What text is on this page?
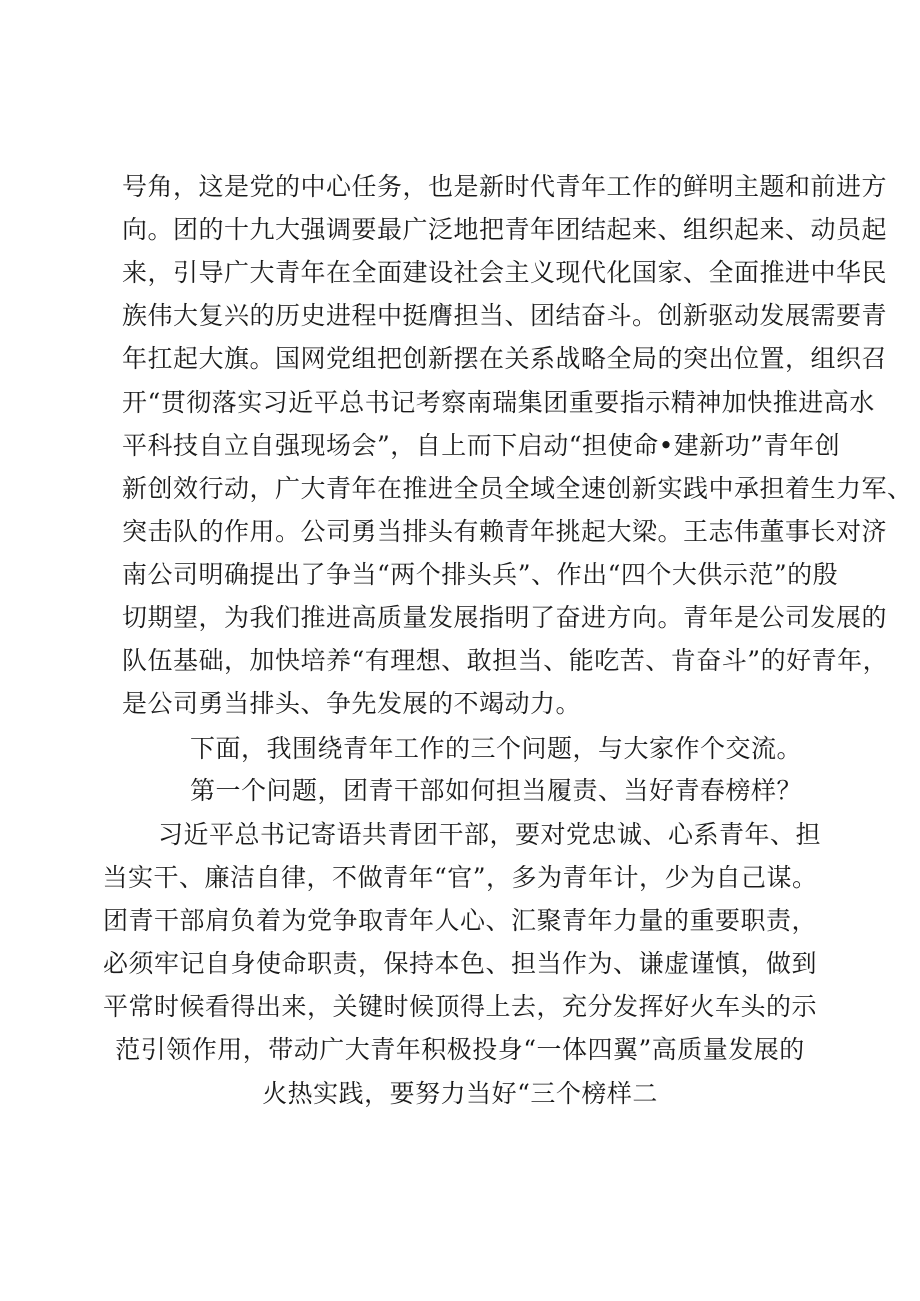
号角，这是党的中心任务，也是新时代青年工作的鲜明主题和前进方
向。团的十九大强调要最广泛地把青年团结起来、组织起来、动员起
来，引导广大青年在全面建设社会主义现代化国家、全面推进中华民
族伟大复兴的历史进程中挺膺担当、团结奋斗。创新驱动发展需要青
年扛起大旗。国网党组把创新摆在关系战略全局的突出位置，组织召
开“贯彻落实习近平总书记考察南瑞集团重要指示精神加快推进高水
平科技自立自强现场会”，自上而下启动“担使命•建新功”青年创
新创效行动，广大青年在推进全员全域全速创新实践中承担着生力军、
突击队的作用。公司勇当排头有赖青年挑起大梁。王志伟董事长对济
南公司明确提出了争当“两个排头兵”、作出“四个大供示范”的殷
切期望，为我们推进高质量发展指明了奋进方向。青年是公司发展的
队伍基础，加快培养“有理想、敢担当、能吃苦、肯奋斗”的好青年，
是公司勇当排头、争先发展的不竭动力。
下面，我围绕青年工作的三个问题，与大家作个交流。
第一个问题，团青干部如何担当履责、当好青春榜样？
习近平总书记寄语共青团干部，要对党忠诚、心系青年、担
当实干、廉洁自律，不做青年“官”，多为青年计，少为自己谋。
团青干部肩负着为党争取青年人心、汇聚青年力量的重要职责，
必须牢记自身使命职责，保持本色、担当作为、谦虚谨慎，做到
平常时候看得出来，关键时候顶得上去，充分发挥好火车头的示
范引领作用，带动广大青年积极投身“一体四翼”高质量发展的
火热实践，要努力当好“三个榜样二
